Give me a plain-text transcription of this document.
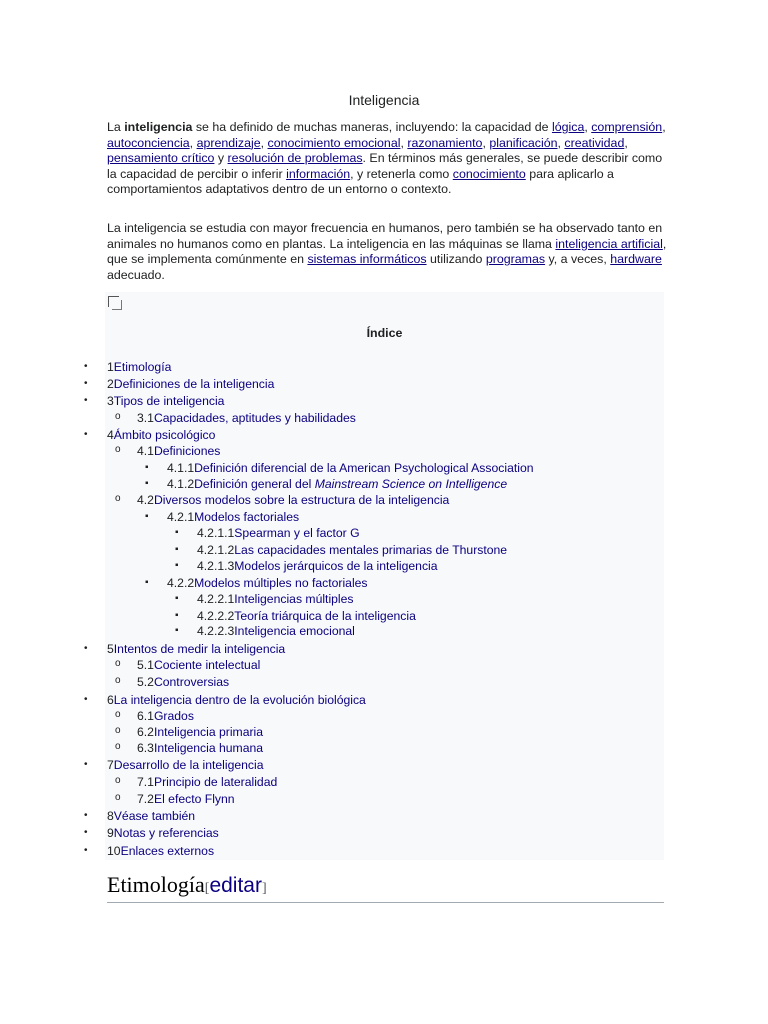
Inteligencia

La inteligencia se ha definido de muchas maneras, incluyendo: la capacidad de lógica, comprensión, autoconciencia, aprendizaje, conocimiento emocional, razonamiento, planificación, creatividad, pensamiento crítico y resolución de problemas. En términos más generales, se puede describir como la capacidad de percibir o inferir información, y retenerla como conocimiento para aplicarlo a comportamientos adaptativos dentro de un entorno o contexto.

La inteligencia se estudia con mayor frecuencia en humanos, pero también se ha observado tanto en animales no humanos como en plantas. La inteligencia en las máquinas se llama inteligencia artificial, que se implementa comúnmente en sistemas informáticos utilizando programas y, a veces, hardware adecuado.

Índice
• 1Etimología
• 2Definiciones de la inteligencia
• 3Tipos de inteligencia
o 3.1Capacidades, aptitudes y habilidades
• 4Ámbito psicológico
o 4.1Definiciones
▪ 4.1.1Definición diferencial de la American Psychological Association
▪ 4.1.2Definición general del Mainstream Science on Intelligence
o 4.2Diversos modelos sobre la estructura de la inteligencia
▪ 4.2.1Modelos factoriales
▪ 4.2.1.1Spearman y el factor G
▪ 4.2.1.2Las capacidades mentales primarias de Thurstone
▪ 4.2.1.3Modelos jerárquicos de la inteligencia
▪ 4.2.2Modelos múltiples no factoriales
▪ 4.2.2.1Inteligencias múltiples
▪ 4.2.2.2Teoría triárquica de la inteligencia
▪ 4.2.2.3Inteligencia emocional
• 5Intentos de medir la inteligencia
o 5.1Cociente intelectual
o 5.2Controversias
• 6La inteligencia dentro de la evolución biológica
o 6.1Grados
o 6.2Inteligencia primaria
o 6.3Inteligencia humana
• 7Desarrollo de la inteligencia
o 7.1Principio de lateralidad
o 7.2El efecto Flynn
• 8Véase también
• 9Notas y referencias
• 10Enlaces externos
Etimología[editar]
